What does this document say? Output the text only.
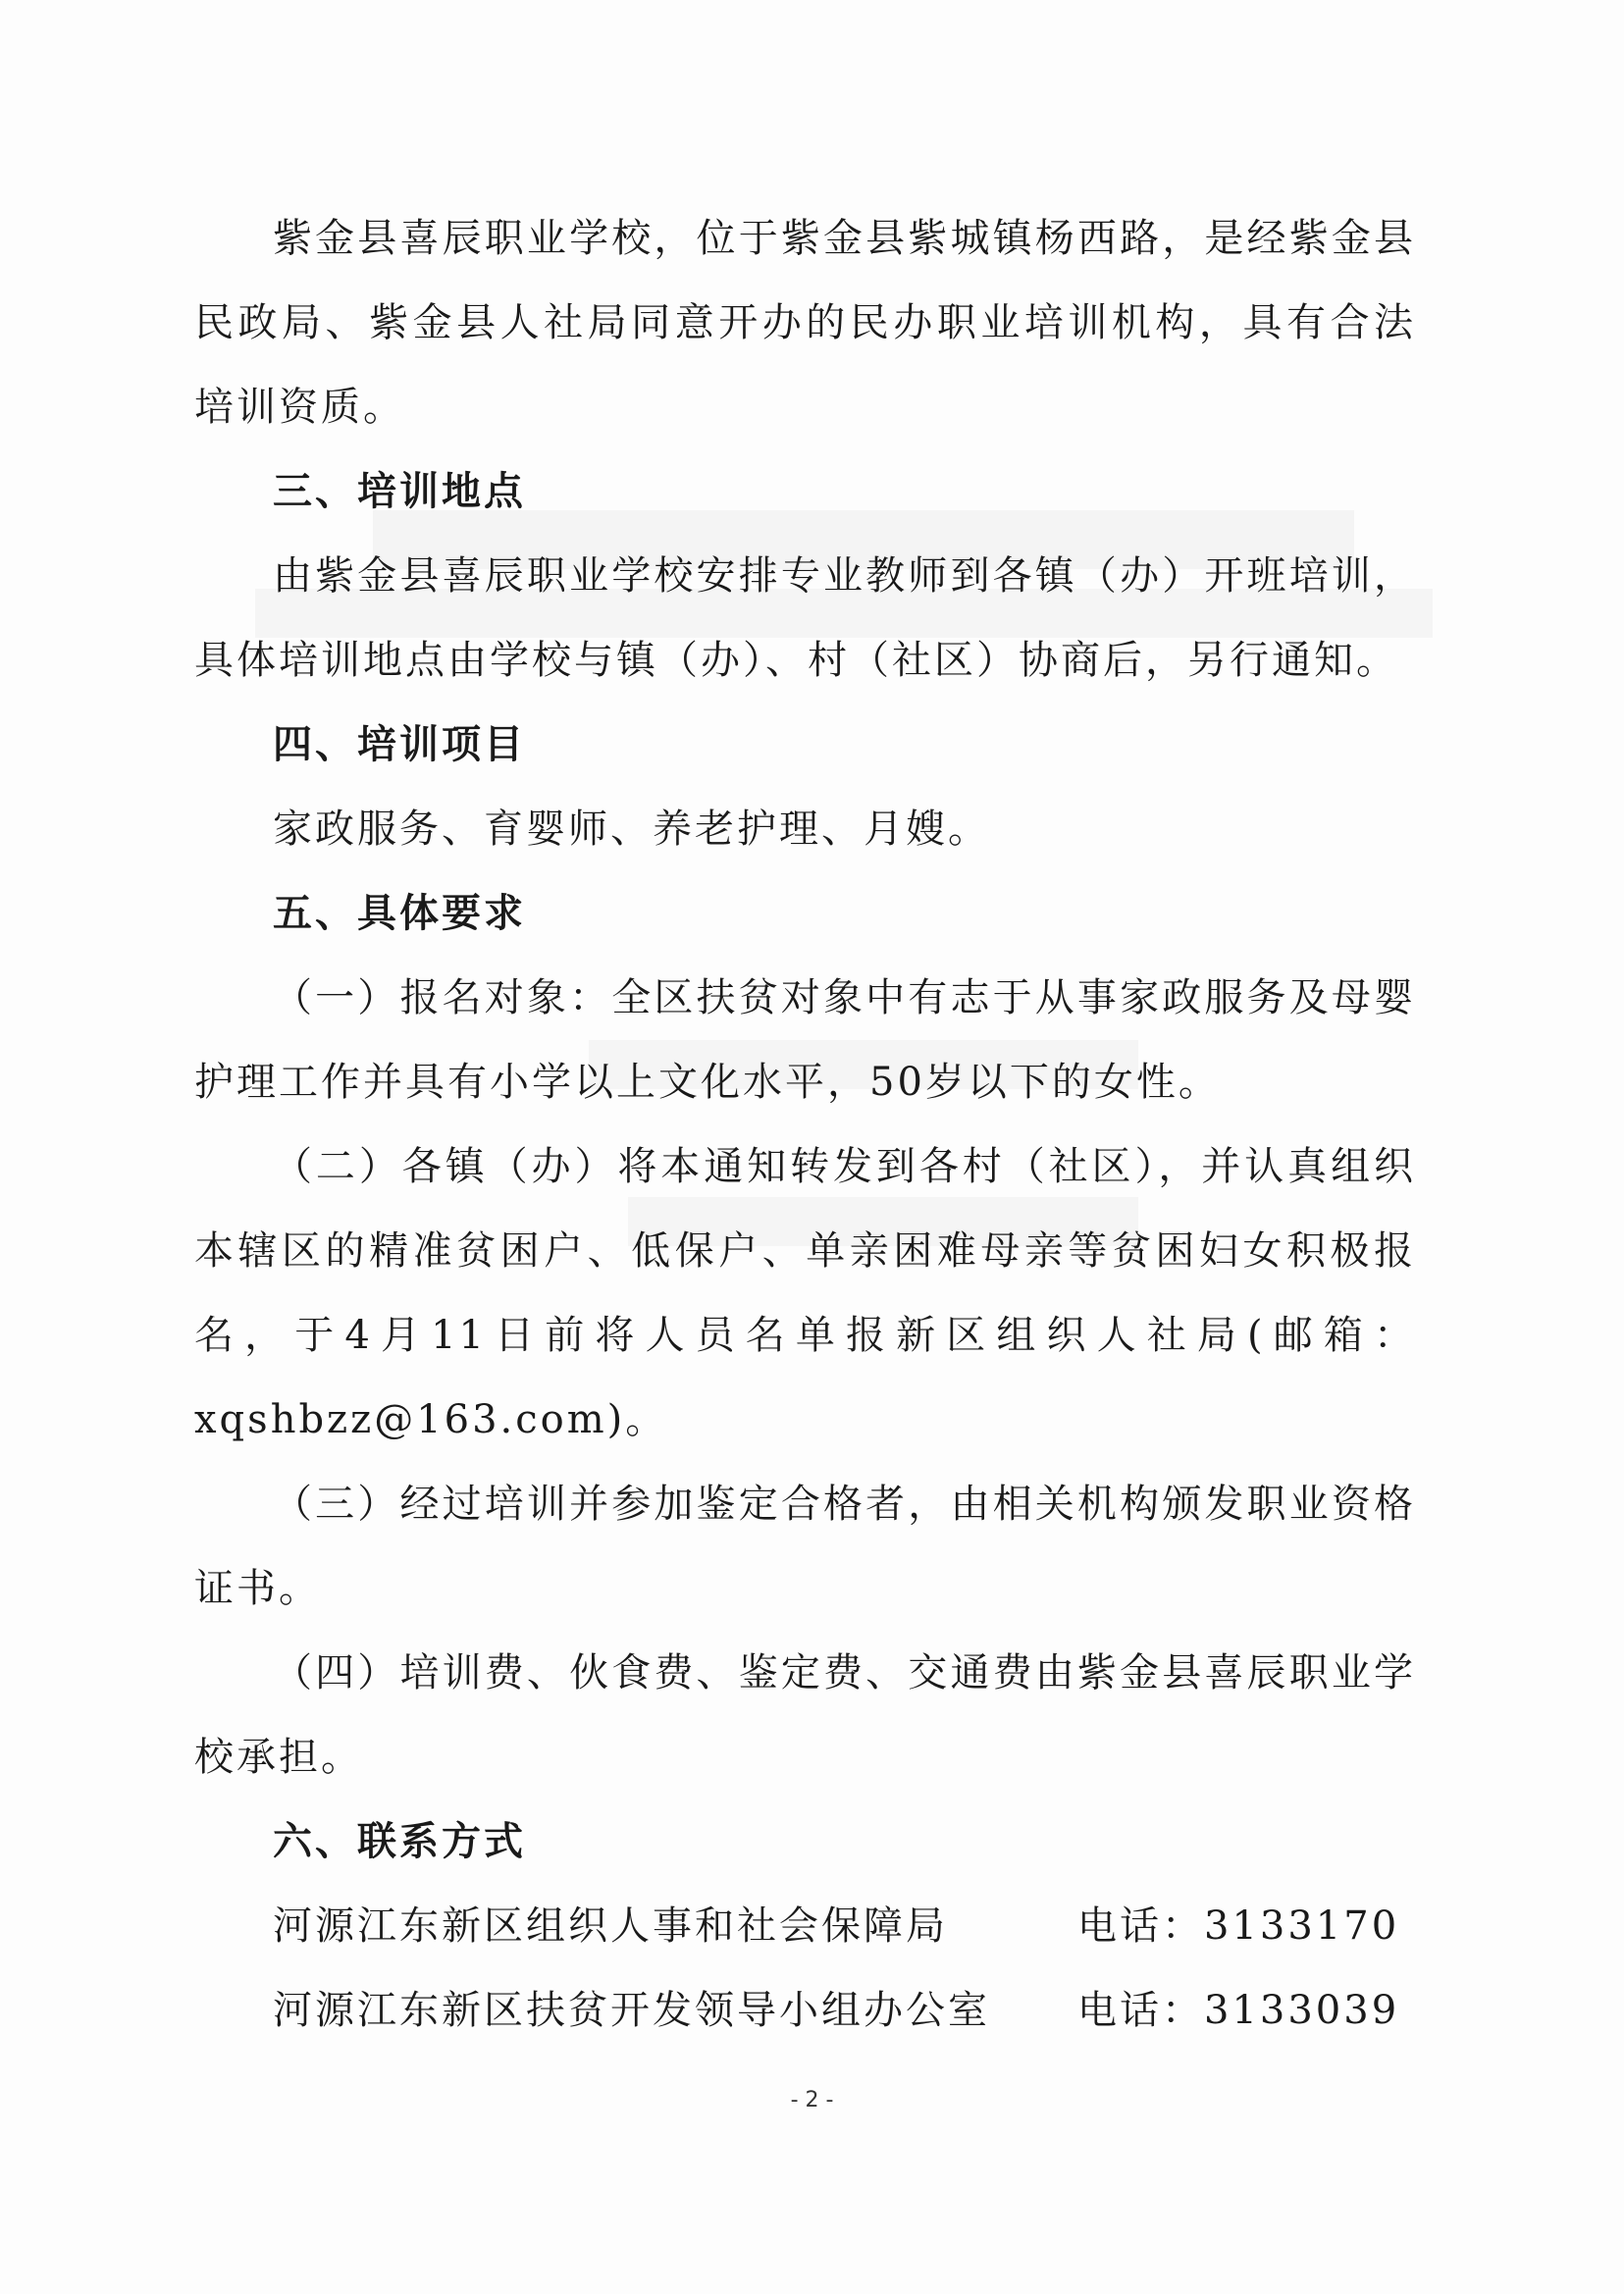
紫金县喜辰职业学校，位于紫金县紫城镇杨西路，是经紫金县民政局、紫金县人社局同意开办的民办职业培训机构，具有合法培训资质。

三、培训地点

由紫金县喜辰职业学校安排专业教师到各镇（办）开班培训，具体培训地点由学校与镇（办）、村（社区）协商后，另行通知。

四、培训项目

家政服务、育婴师、养老护理、月嫂。

五、具体要求

（一）报名对象：全区扶贫对象中有志于从事家政服务及母婴护理工作并具有小学以上文化水平，50岁以下的女性。

（二）各镇（办）将本通知转发到各村（社区），并认真组织本辖区的精准贫困户、低保户、单亲困难母亲等贫困妇女积极报名，于4月11日前将人员名单报新区组织人社局(邮箱：xqshbzz@163.com)。

（三）经过培训并参加鉴定合格者，由相关机构颁发职业资格证书。

（四）培训费、伙食费、鉴定费、交通费由紫金县喜辰职业学校承担。

六、联系方式

河源江东新区组织人事和社会保障局	电话：3133170
河源江东新区扶贫开发领导小组办公室 电话：3133039
- 2 -
